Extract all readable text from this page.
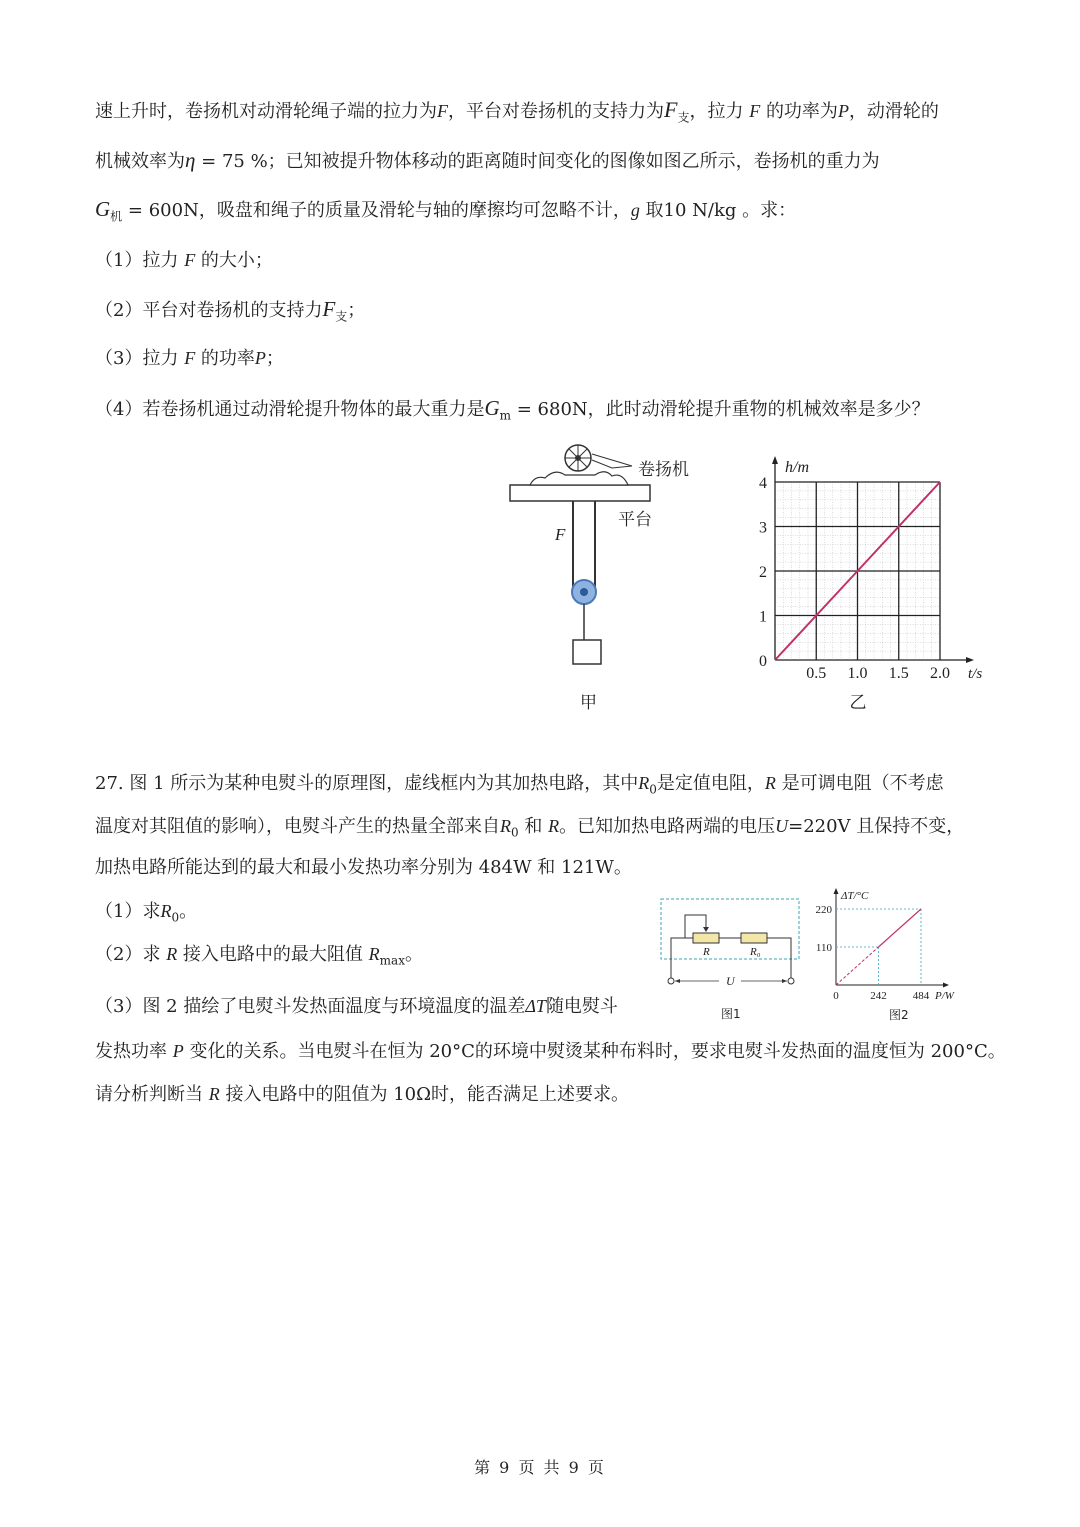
速上升时，卷扬机对动滑轮绳子端的拉力为F，平台对卷扬机的支持力为$F_支$，拉力 F 的功率为P，动滑轮的
机械效率为η = 75 %；已知被提升物体移动的距离随时间变化的图像如图乙所示，卷扬机的重力为
$G_机 = 600N$，吸盘和绳子的质量及滑轮与轴的摩擦均可忽略不计，g 取10 N/kg 。求：
（1）拉力 F 的大小；
（2）平台对卷扬机的支持力$F_支$；
（3）拉力 F 的功率P；
（4）若卷扬机通过动滑轮提升物体的最大重力是$G_m = 680N$，此时动滑轮提升重物的机械效率是多少？
卷扬机
平台
F
甲
0.5 1.0 1.5 2.0
0
1
2
3
4
h/m
t/s
乙
27. 图 1 所示为某种电熨斗的原理图，虚线框内为其加热电路，其中$R_0$是定值电阻，R 是可调电阻（不考虑
温度对其阻值的影响），电熨斗产生的热量全部来自$R_0$ 和 R。已知加热电路两端的电压U=220V 且保持不变，
加热电路所能达到的最大和最小发热功率分别为 484W 和 121W。
（1）求$R_0$。
（2）求 R 接入电路中的最大阻值 $R_{max}$。
（3）图 2 描绘了电熨斗发热面温度与环境温度的温差ΔT随电熨斗
发热功率 P 变化的关系。当电熨斗在恒为 20°C的环境中熨烫某种布料时，要求电熨斗发热面的温度恒为 200°C。
请分析判断当 R 接入电路中的阻值为 10Ω时，能否满足上述要求。
R	R₀
U
图1
0	242 484
110
220
ΔT/°C
P/W
图2
第 9 页 共 9 页
